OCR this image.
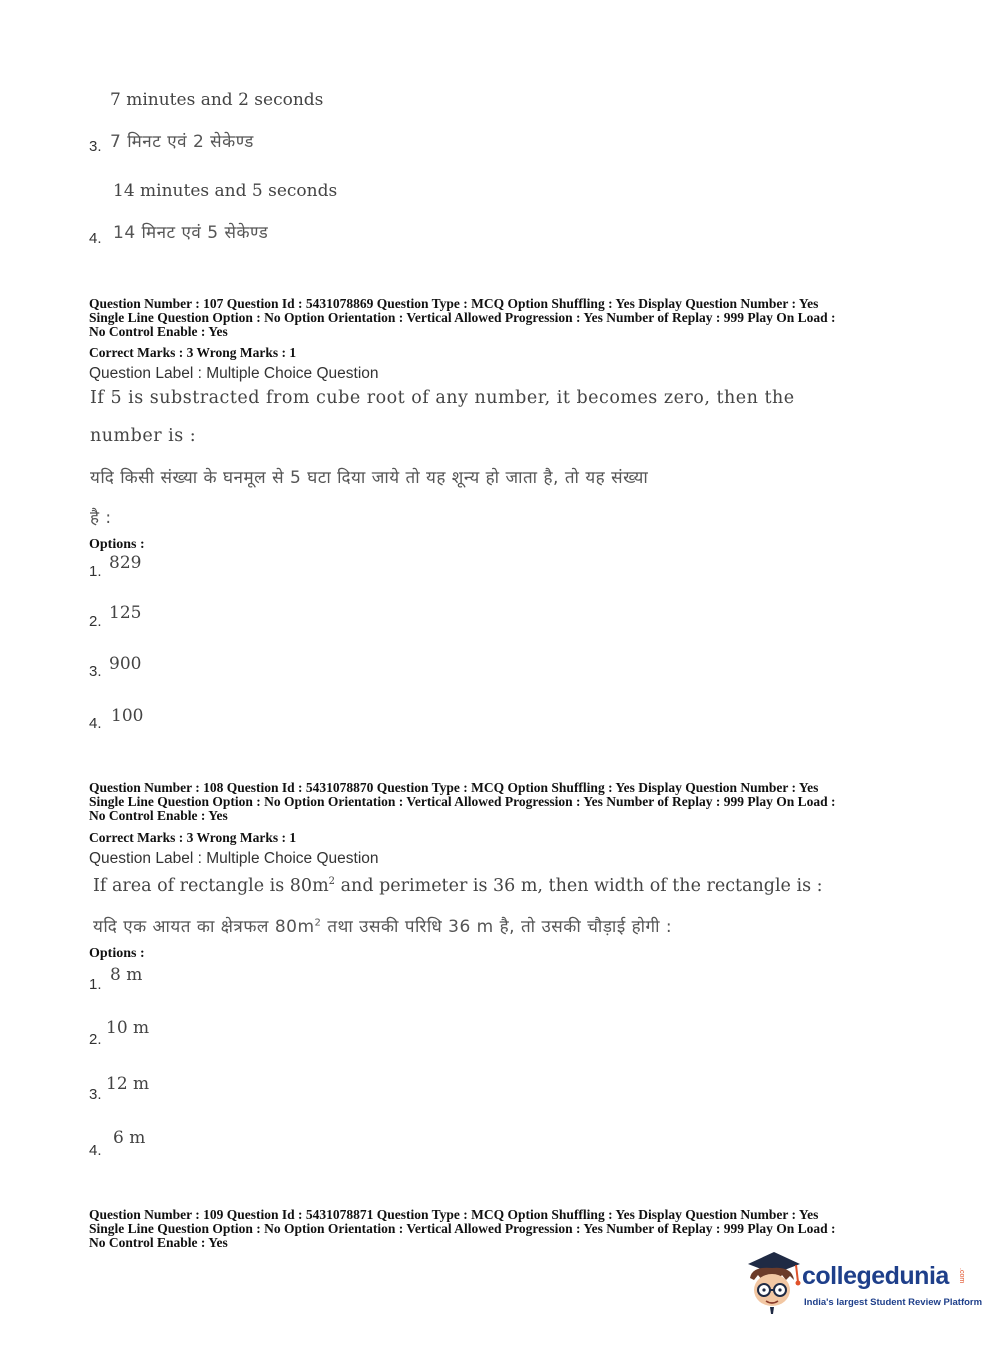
7 minutes and 2 seconds
3. 7 मिनट एवं 2 सेकेण्ड
14 minutes and 5 seconds
4. 14 मिनट एवं 5 सेकेण्ड
Question Number : 107 Question Id : 5431078869 Question Type : MCQ Option Shuffling : Yes Display Question Number : Yes
Single Line Question Option : No Option Orientation : Vertical Allowed Progression : Yes Number of Replay : 999 Play On Load :
No Control Enable : Yes
Correct Marks : 3 Wrong Marks : 1
Question Label : Multiple Choice Question
If 5 is substracted from cube root of any number, it becomes zero, then the
number is :
यदि किसी संख्या के घनमूल से 5 घटा दिया जाये तो यह शून्य हो जाता है, तो यह संख्या
है :
Options :
1. 829
2. 125
3. 900
4. 100
Question Number : 108 Question Id : 5431078870 Question Type : MCQ Option Shuffling : Yes Display Question Number : Yes
Single Line Question Option : No Option Orientation : Vertical Allowed Progression : Yes Number of Replay : 999 Play On Load :
No Control Enable : Yes
Correct Marks : 3 Wrong Marks : 1
Question Label : Multiple Choice Question
If area of rectangle is $80m^2$ and perimeter is 36 m, then width of the rectangle is :
यदि एक आयत का क्षेत्रफल $80m^2$ तथा उसकी परिधि 36 m है, तो उसकी चौड़ाई होगी :
Options :
1. 8 m
2.
10 m
3.
12 m
4.
6 m
Question Number : 109 Question Id : 5431078871 Question Type : MCQ Option Shuffling : Yes Display Question Number : Yes
Single Line Question Option : No Option Orientation : Vertical Allowed Progression : Yes Number of Replay : 999 Play On Load :
No Control Enable : Yes
collegedunia .com
India's largest Student Review Platform
